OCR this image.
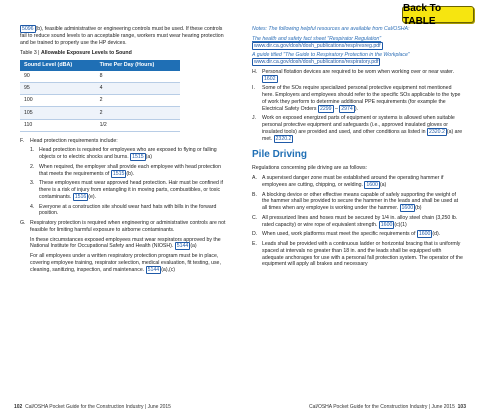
Back To TABLE

5096 (b), feasible administrative or engineering controls must be used. If these controls fail to reduce sound levels to an acceptable range, workers must wear hearing protection and be trained to properly use the HP devices.

Table 3 | Allowable Exposure Levels to Sound
Sound Level (dBA)	Time Per Day (Hours)
90	8
95	4
100	2
105	2
110	1/2
F.	Head protection requirements include:
1. Head protection is required for employees who are exposed to flying or falling objects or to electric shocks and burns. 1515 (a)
2. When required, the employer shall provide each employee with head protection that meets the requirements of 1515 (b).
3. These employees must wear approved head protection. Hair must be confined if there is a risk of injury from entangling it in moving parts, combustibles, or toxic contaminants. 1516 (e).
4. Everyone at a construction site should wear hard hats with bills in the forward position.
G. Respiratory protection is required when engineering or administrative controls are not feasible for limiting harmful exposure to airborne contaminants.

In these circumstances exposed employees must wear respirators approved by the National Institute for Occupational Safety and Health (NIOSH). 5144 (a)

For all employees under a written respiratory protection program must be in place, covering employee training, respirator selection, medical evaluation, fit testing, use, cleaning, sanitizing, inspection, and maintenance. 5144 (a),(c)

Notes: The following helpful resources are available from Cal/OSHA:

The health and safety fact sheet "Respirator Regulation"
www.dir.ca.gov/dosh/dosh_publications/resp/resreg.pdf

A guide titled "The Guide to Respiratory Protection in the Workplace"
www.dir.ca.gov/dosh/dosh_publications/respiratory.pdf

H. Personal flotation devices are required to be worn when working over or near water. 1602
I.	Some of the SOs require specialized personal protective equipment not mentioned here. Employers and employees should refer to the specific SOs applicable to the type of work they perform to determine additional PPE requirements (for example the Electrical Safety Orders 2299 – 2974 ).
J.	Work on exposed energized parts of equipment or systems is allowed when suitable personal protective equipment and safeguards (i.e., approved insulated gloves or insulated tools) are provided and used, and other conditions as listed in 2320.2 (a) are met. 2320.2
Pile Driving

Regulations concerning pile driving are as follows:

A. A supervised danger zone must be established around the operating hammer if employees are cutting, chipping, or welding. 1600 (a)
B. A blocking device or other effective means capable of safely supporting the weight of the hammer shall be provided to secure the hammer in the leads and shall be used at all times when any employee is working under the hammer. 1600 (b)
C. All pressurized lines and hoses must be secured by 1/4 in. alloy steel chain (3,250 lb. rated capacity) or wire rope of equivalent strength. 1600 (c)(1)
D. When used, work platforms must meet the specific requirements of 1600 (d).
E. Leads shall be provided with a continuous ladder or horizontal bracing that is uniformly spaced at intervals no greater than 18 in. and the leads shall be equipped with adequate anchorages for use with a personal fall protection system. The operator of the equipment will apply all brakes and necessary
102 Cal/OSHA Pocket Guide for the Construction Industry | June 2015	Cal/OSHA Pocket Guide for the Construction Industry | June 2015 103
